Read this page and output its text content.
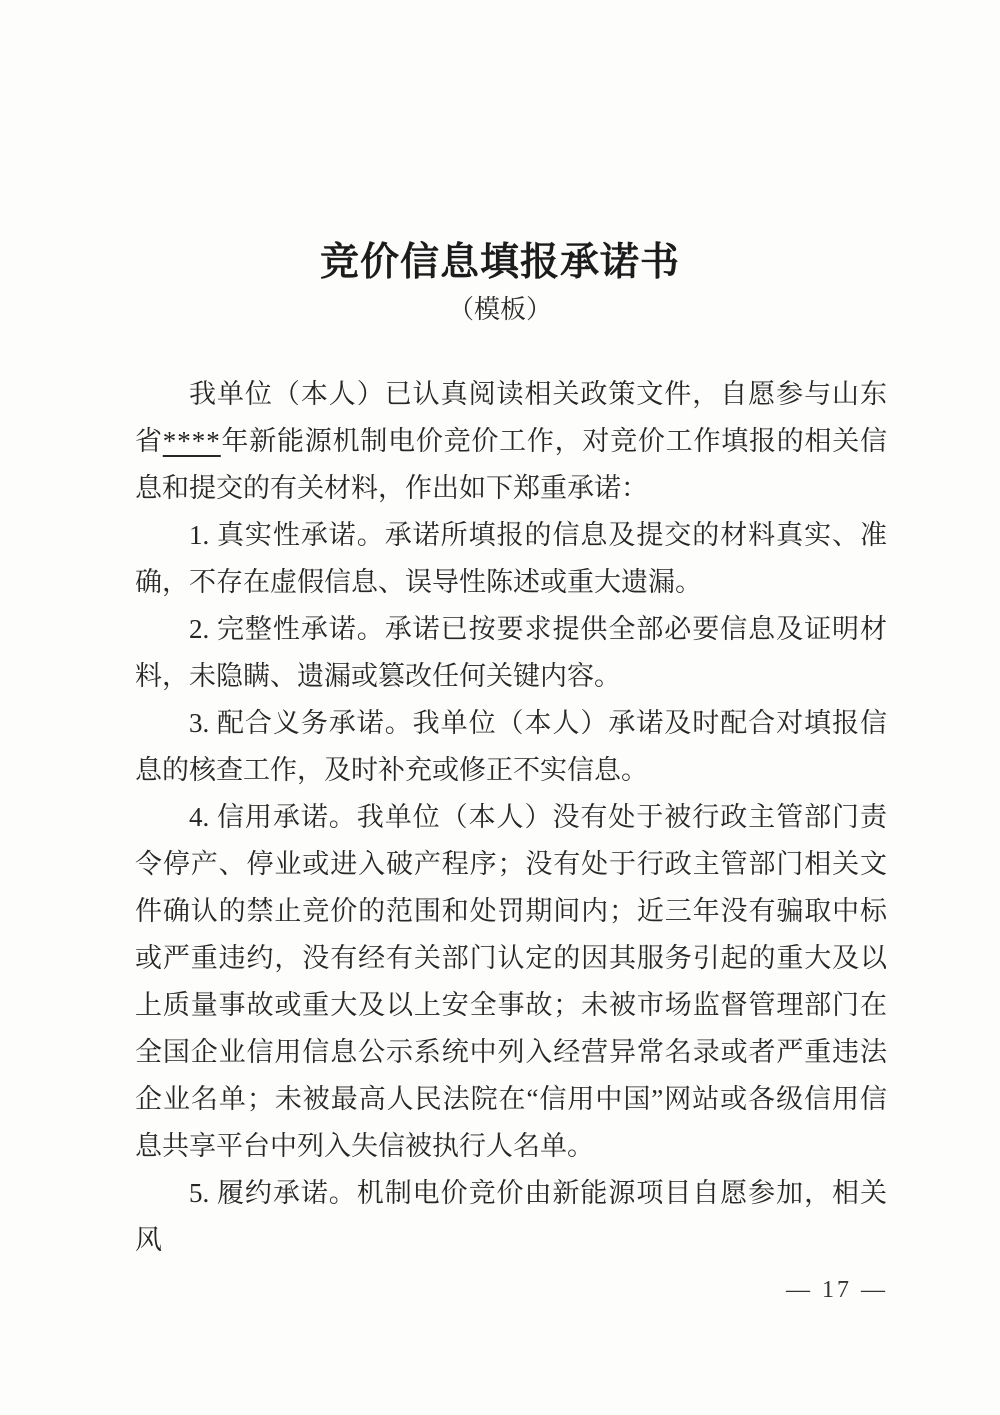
竞价信息填报承诺书
（模板）

我单位（本人）已认真阅读相关政策文件，自愿参与山东省****年新能源机制电价竞价工作，对竞价工作填报的相关信息和提交的有关材料，作出如下郑重承诺：

1. 真实性承诺。承诺所填报的信息及提交的材料真实、准确，不存在虚假信息、误导性陈述或重大遗漏。

2. 完整性承诺。承诺已按要求提供全部必要信息及证明材料，未隐瞒、遗漏或篡改任何关键内容。

3. 配合义务承诺。我单位（本人）承诺及时配合对填报信息的核查工作，及时补充或修正不实信息。

4. 信用承诺。我单位（本人）没有处于被行政主管部门责令停产、停业或进入破产程序；没有处于行政主管部门相关文件确认的禁止竞价的范围和处罚期间内；近三年没有骗取中标或严重违约，没有经有关部门认定的因其服务引起的重大及以上质量事故或重大及以上安全事故；未被市场监督管理部门在全国企业信用信息公示系统中列入经营异常名录或者严重违法企业名单；未被最高人民法院在“信用中国”网站或各级信用信息共享平台中列入失信被执行人名单。

5. 履约承诺。机制电价竞价由新能源项目自愿参加，相关风

— 17 —
